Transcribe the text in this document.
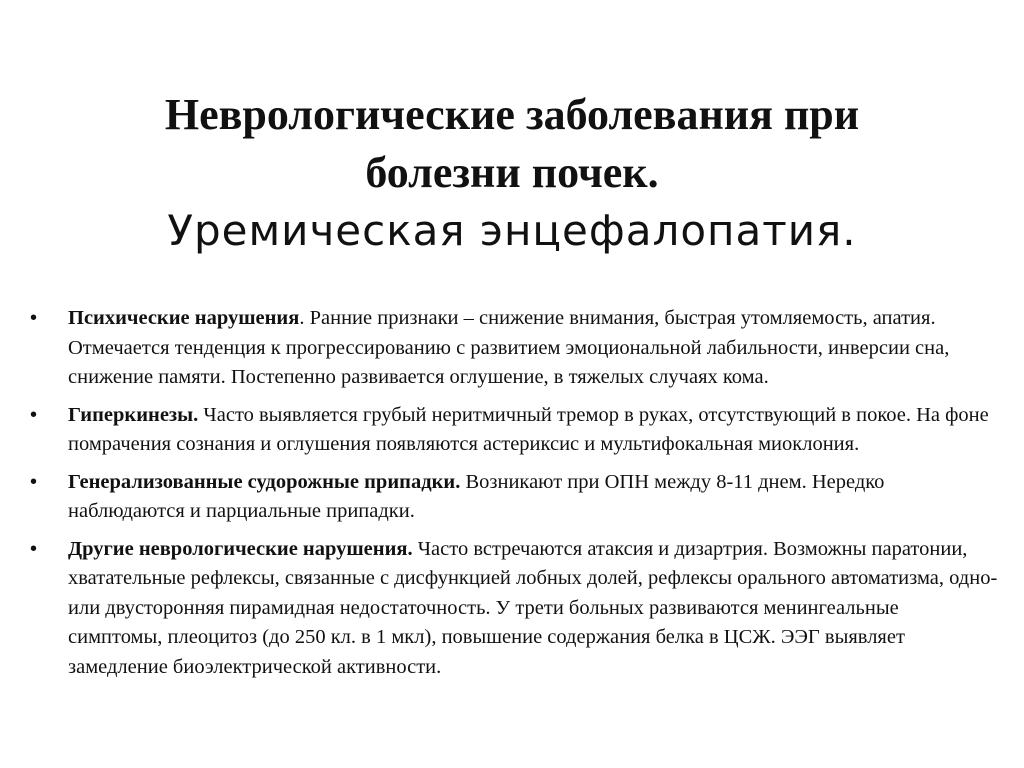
Неврологические заболевания при

болезни почек.

Уремическая энцефалопатия.

• Психические нарушения. Ранние признаки – снижение внимания, быстрая утомляемость, апатия. Отмечается тенденция к прогрессированию с развитием эмоциональной лабильности, инверсии сна, снижение памяти. Постепенно развивается оглушение, в тяжелых случаях кома.
• Гиперкинезы. Часто выявляется грубый неритмичный тремор в руках, отсутствующий в покое. На фоне помрачения сознания и оглушения появляются астериксис и мультифокальная миоклония.
• Генерализованные судорожные припадки. Возникают при ОПН между 8-11 днем. Нередко наблюдаются и парциальные припадки.
• Другие неврологические нарушения. Часто встречаются атаксия и дизартрия. Возможны паратонии, хватательные рефлексы, связанные с дисфункцией лобных долей, рефлексы орального автоматизма, одно- или двусторонняя пирамидная недостаточность. У трети больных развиваются менингеальные симптомы, плеоцитоз (до 250 кл. в 1 мкл), повышение содержания белка в ЦСЖ. ЭЭГ выявляет замедление биоэлектрической активности.
